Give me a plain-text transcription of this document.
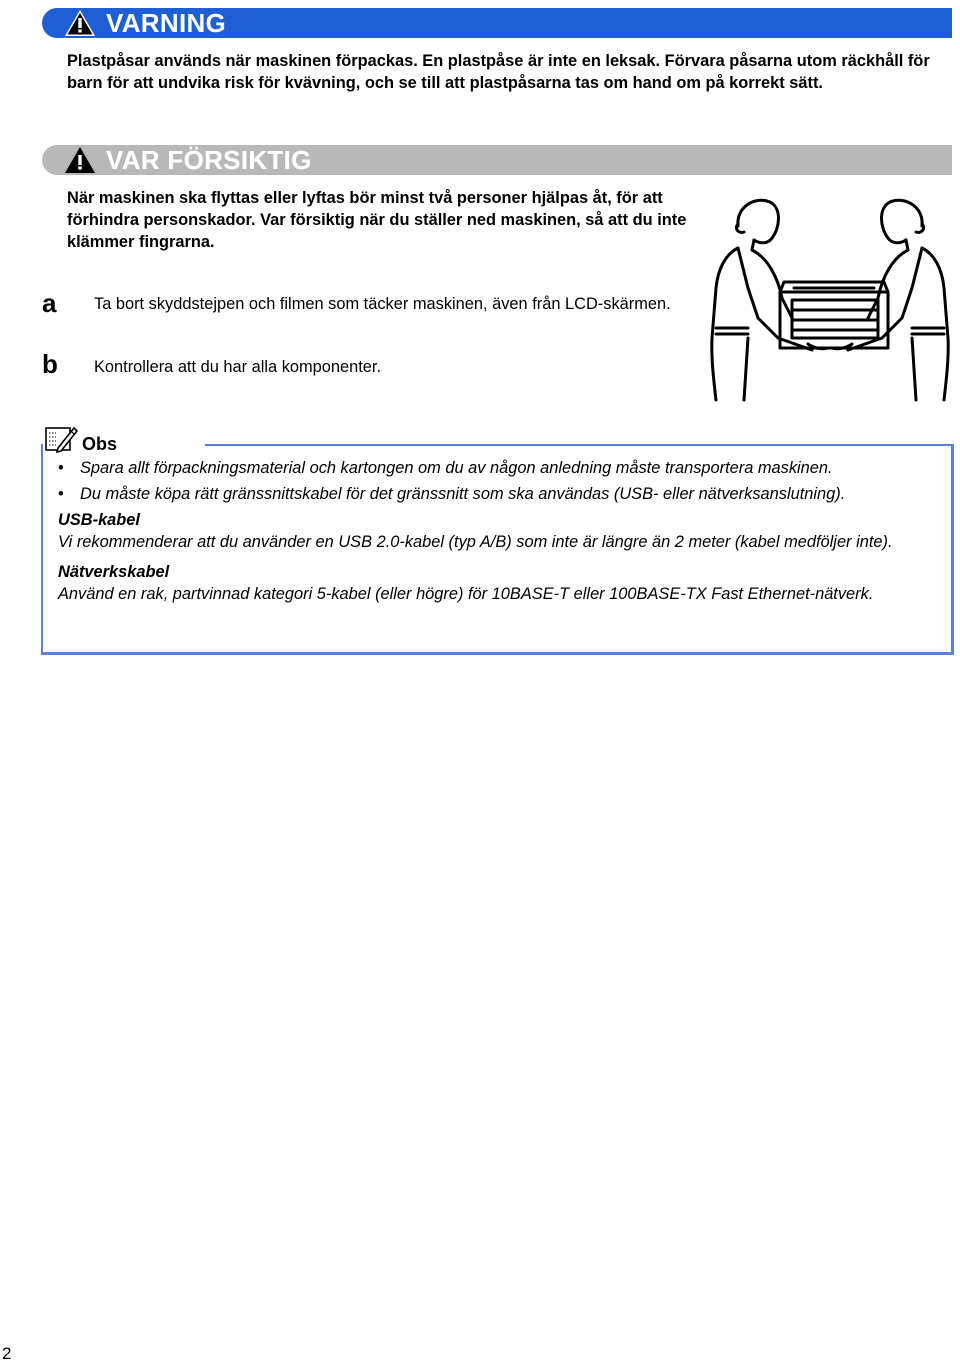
VARNING
Plastpåsar används när maskinen förpackas. En plastpåse är inte en leksak. Förvara påsarna utom räckhåll för barn för att undvika risk för kvävning, och se till att plastpåsarna tas om hand om på korrekt sätt.
VAR FÖRSIKTIG
När maskinen ska flyttas eller lyftas bör minst två personer hjälpas åt, för att förhindra personskador. Var försiktig när du ställer ned maskinen, så att du inte klämmer fingrarna.
a Ta bort skyddstejpen och filmen som täcker maskinen, även från LCD-skärmen.
b Kontrollera att du har alla komponenter.
Obs
• Spara allt förpackningsmaterial och kartongen om du av någon anledning måste transportera maskinen.
• Du måste köpa rätt gränssnittskabel för det gränssnitt som ska användas (USB- eller nätverksanslutning).
USB-kabel
Vi rekommenderar att du använder en USB 2.0-kabel (typ A/B) som inte är längre än 2 meter (kabel medföljer inte).
Nätverkskabel
Använd en rak, partvinnad kategori 5-kabel (eller högre) för 10BASE-T eller 100BASE-TX Fast Ethernet-nätverk.
2
